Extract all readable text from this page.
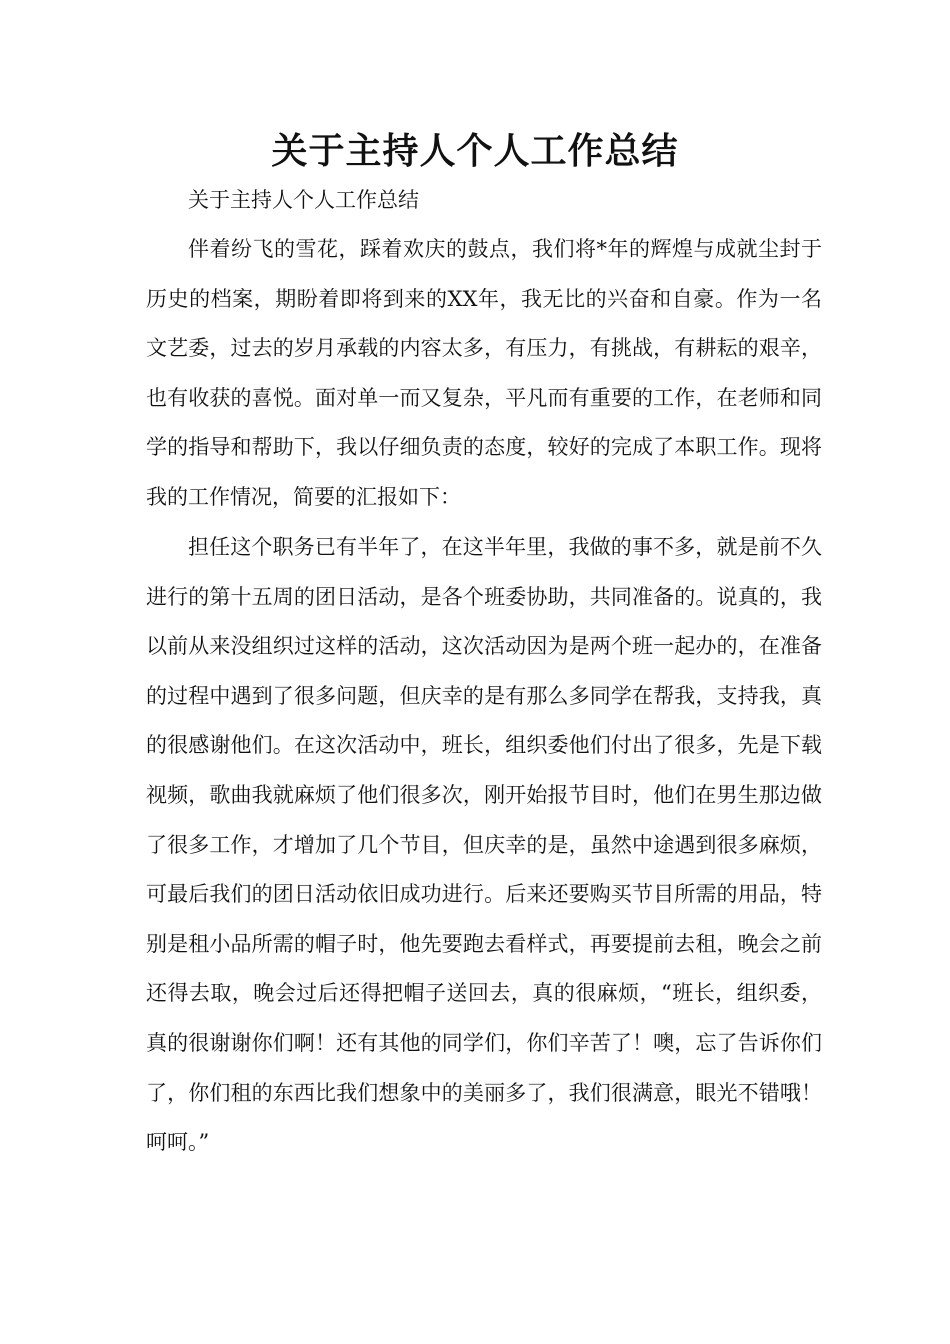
关于主持人个人工作总结

关于主持人个人工作总结

伴着纷飞的雪花，踩着欢庆的鼓点，我们将*年的辉煌与成就尘封于历史的档案，期盼着即将到来的XX年，我无比的兴奋和自豪。作为一名文艺委，过去的岁月承载的内容太多，有压力，有挑战，有耕耘的艰辛，也有收获的喜悦。面对单一而又复杂，平凡而有重要的工作，在老师和同学的指导和帮助下，我以仔细负责的态度，较好的完成了本职工作。现将我的工作情况，简要的汇报如下：

担任这个职务已有半年了，在这半年里，我做的事不多，就是前不久进行的第十五周的团日活动，是各个班委协助，共同准备的。说真的，我以前从来没组织过这样的活动，这次活动因为是两个班一起办的，在准备的过程中遇到了很多问题，但庆幸的是有那么多同学在帮我，支持我，真的很感谢他们。在这次活动中，班长，组织委他们付出了很多，先是下载视频，歌曲我就麻烦了他们很多次，刚开始报节目时，他们在男生那边做了很多工作，才增加了几个节目，但庆幸的是，虽然中途遇到很多麻烦，可最后我们的团日活动依旧成功进行。后来还要购买节目所需的用品，特别是租小品所需的帽子时，他先要跑去看样式，再要提前去租，晚会之前还得去取，晚会过后还得把帽子送回去，真的很麻烦，“班长，组织委，真的很谢谢你们啊！还有其他的同学们，你们辛苦了！噢，忘了告诉你们了，你们租的东西比我们想象中的美丽多了，我们很满意，眼光不错哦！呵呵。”
